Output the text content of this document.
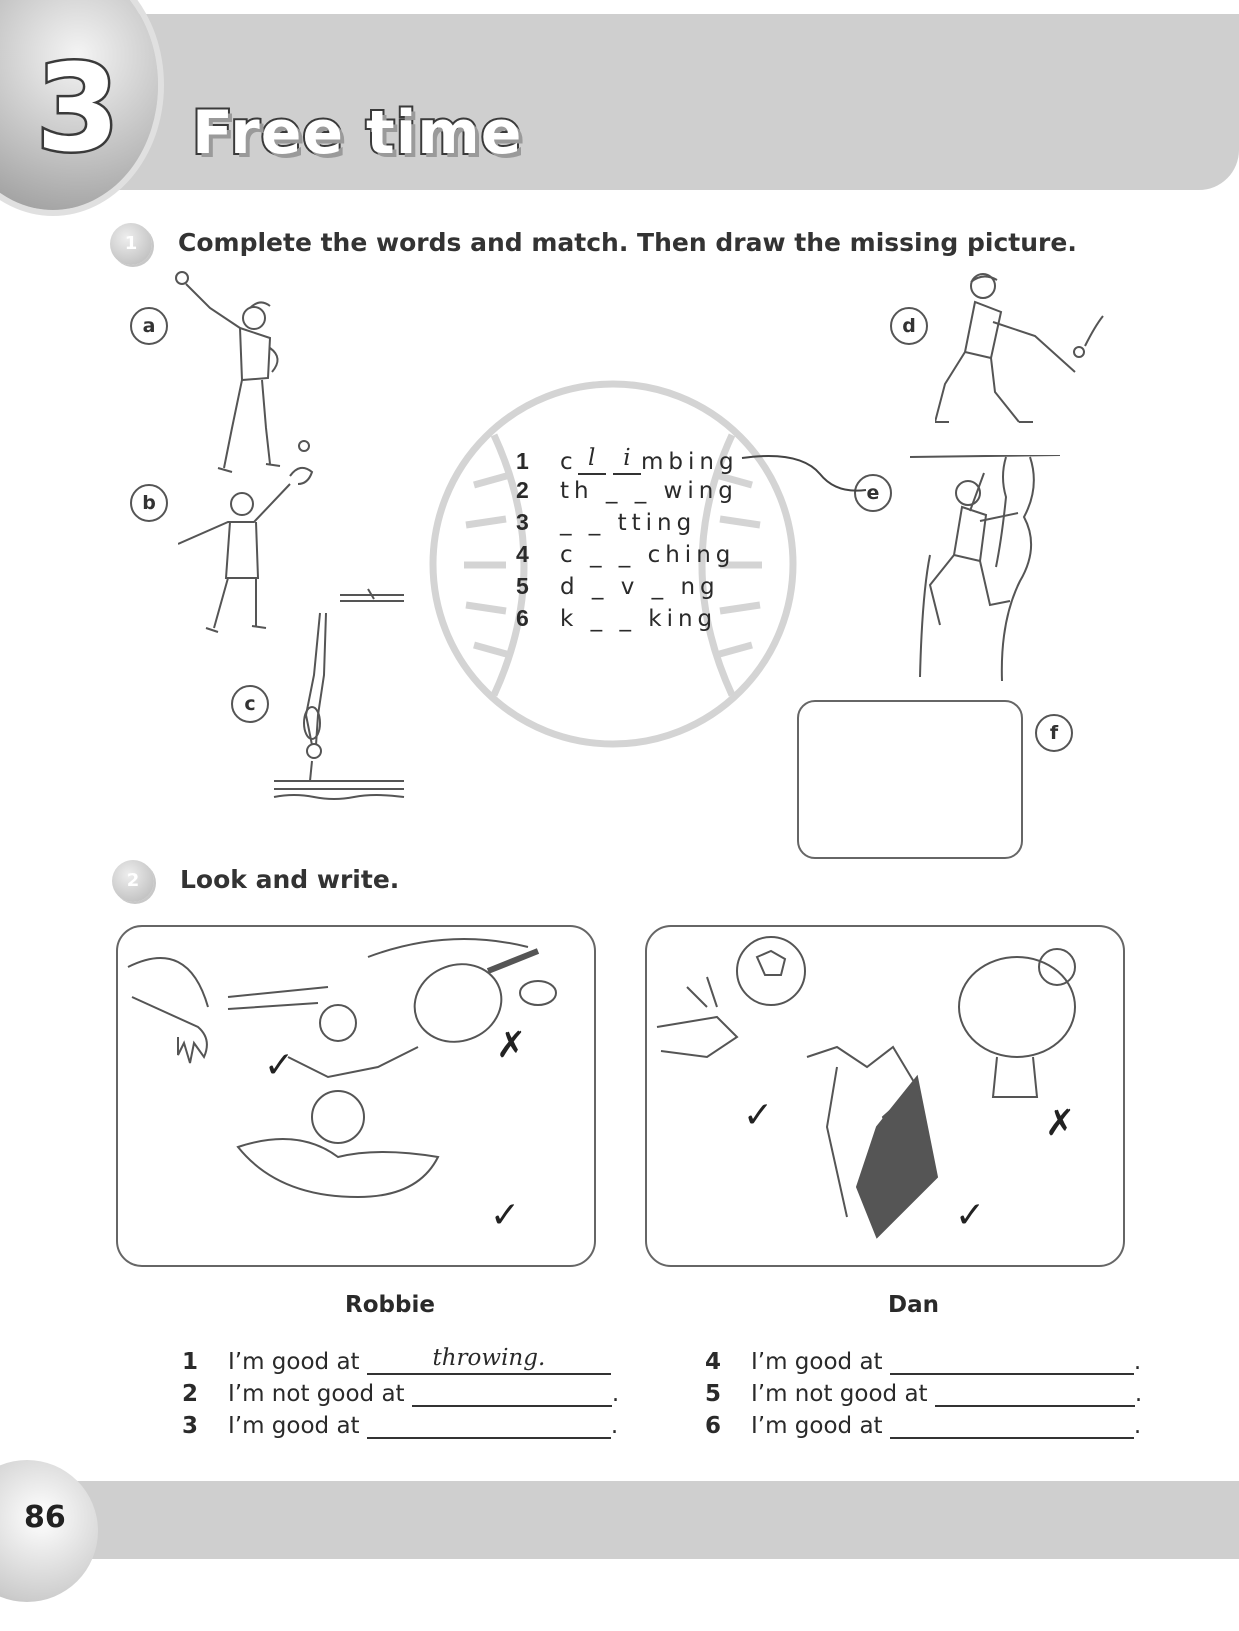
3 Free time
1	Complete the words and match. Then draw the missing picture.
a
b
c
d
e
f
1 c l i mbing
2 th _ _ wing
3 _ _ tting
4 c _ _ ching
5 d _ v _ ng
6 k _ _ king
2	Look and write.
✓	✗
✓
✓	✗
✓
Robbie	Dan
1 I’m good at	throwing.
2 I’m not good at	.
3 I’m good at	.
4 I’m good at	.
5 I’m not good at	.
6 I’m good at	.
86
